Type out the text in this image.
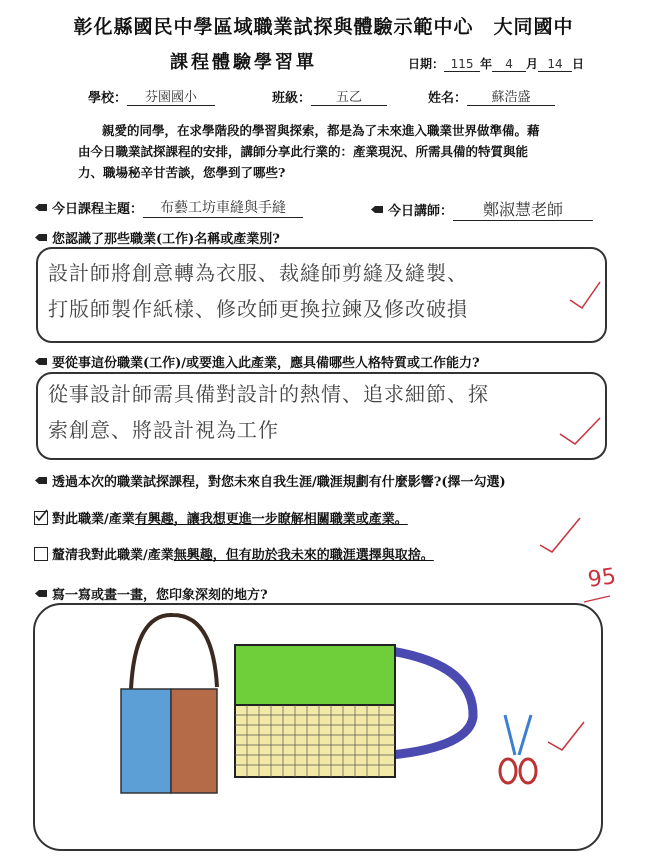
彰化縣國民中學區域職業試探與體驗示範中心　大同國中
課程體驗學習單	日期： 115 年	4	月 14 日
學校：	芬園國小	班級：	五乙	姓名：	蘇浩盛
親愛的同學，在求學階段的學習與探索，都是為了未來進入職業世界做準備。藉
由今日職業試探課程的安排，講師分享此行業的：產業現況、所需具備的特質與能
力、職場秘辛甘苦談，您學到了哪些?
今日課程主題：	布藝工坊車縫與手縫	今日講師：	鄭淑慧老師
您認識了那些職業(工作)名稱或產業別?
設計師將創意轉為衣服、裁縫師剪縫及縫製、
打版師製作紙樣、修改師更換拉鍊及修改破損
要從事這份職業(工作)/或要進入此產業，應具備哪些人格特質或工作能力?
從事設計師需具備對設計的熱情、追求細節、探
索創意、將設計視為工作
透過本次的職業試探課程，對您未來自我生涯/職涯規劃有什麼影響?(擇一勾選)
對此職業/產業 有興趣 ，讓我想更進一步瞭解相關職業或產業。
釐清我對此職業/產業 無興趣 ，但有助於我未來的職涯選擇與取捨。
寫一寫或畫一畫，您印象深刻的地方?
95
